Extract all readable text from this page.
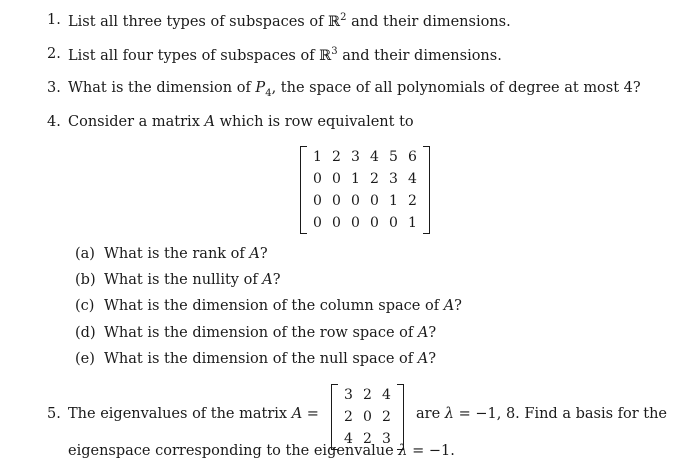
1. List all three types of subspaces of ℝ$^2$ and their dimensions.
2. List all four types of subspaces of ℝ$^3$ and their dimensions.
3. What is the dimension of $P_4$, the space of all polynomials of degree at most 4?
4. Consider a matrix A which is row equivalent to
1	2	3	4	5	6
0	0	1	2	3	4
0	0	0	0	1	2
0	0	0	0	0	1
(a) What is the rank of A?
(b) What is the nullity of A?
(c) What is the dimension of the column space of A?
(d) What is the dimension of the row space of A?
(e) What is the dimension of the null space of A?
5. The eigenvalues of the matrix A =
3	2	4
2	0	2
4	2	3
are λ = −1, 8. Find a basis for the
eigenspace corresponding to the eigenvalue λ = −1.
